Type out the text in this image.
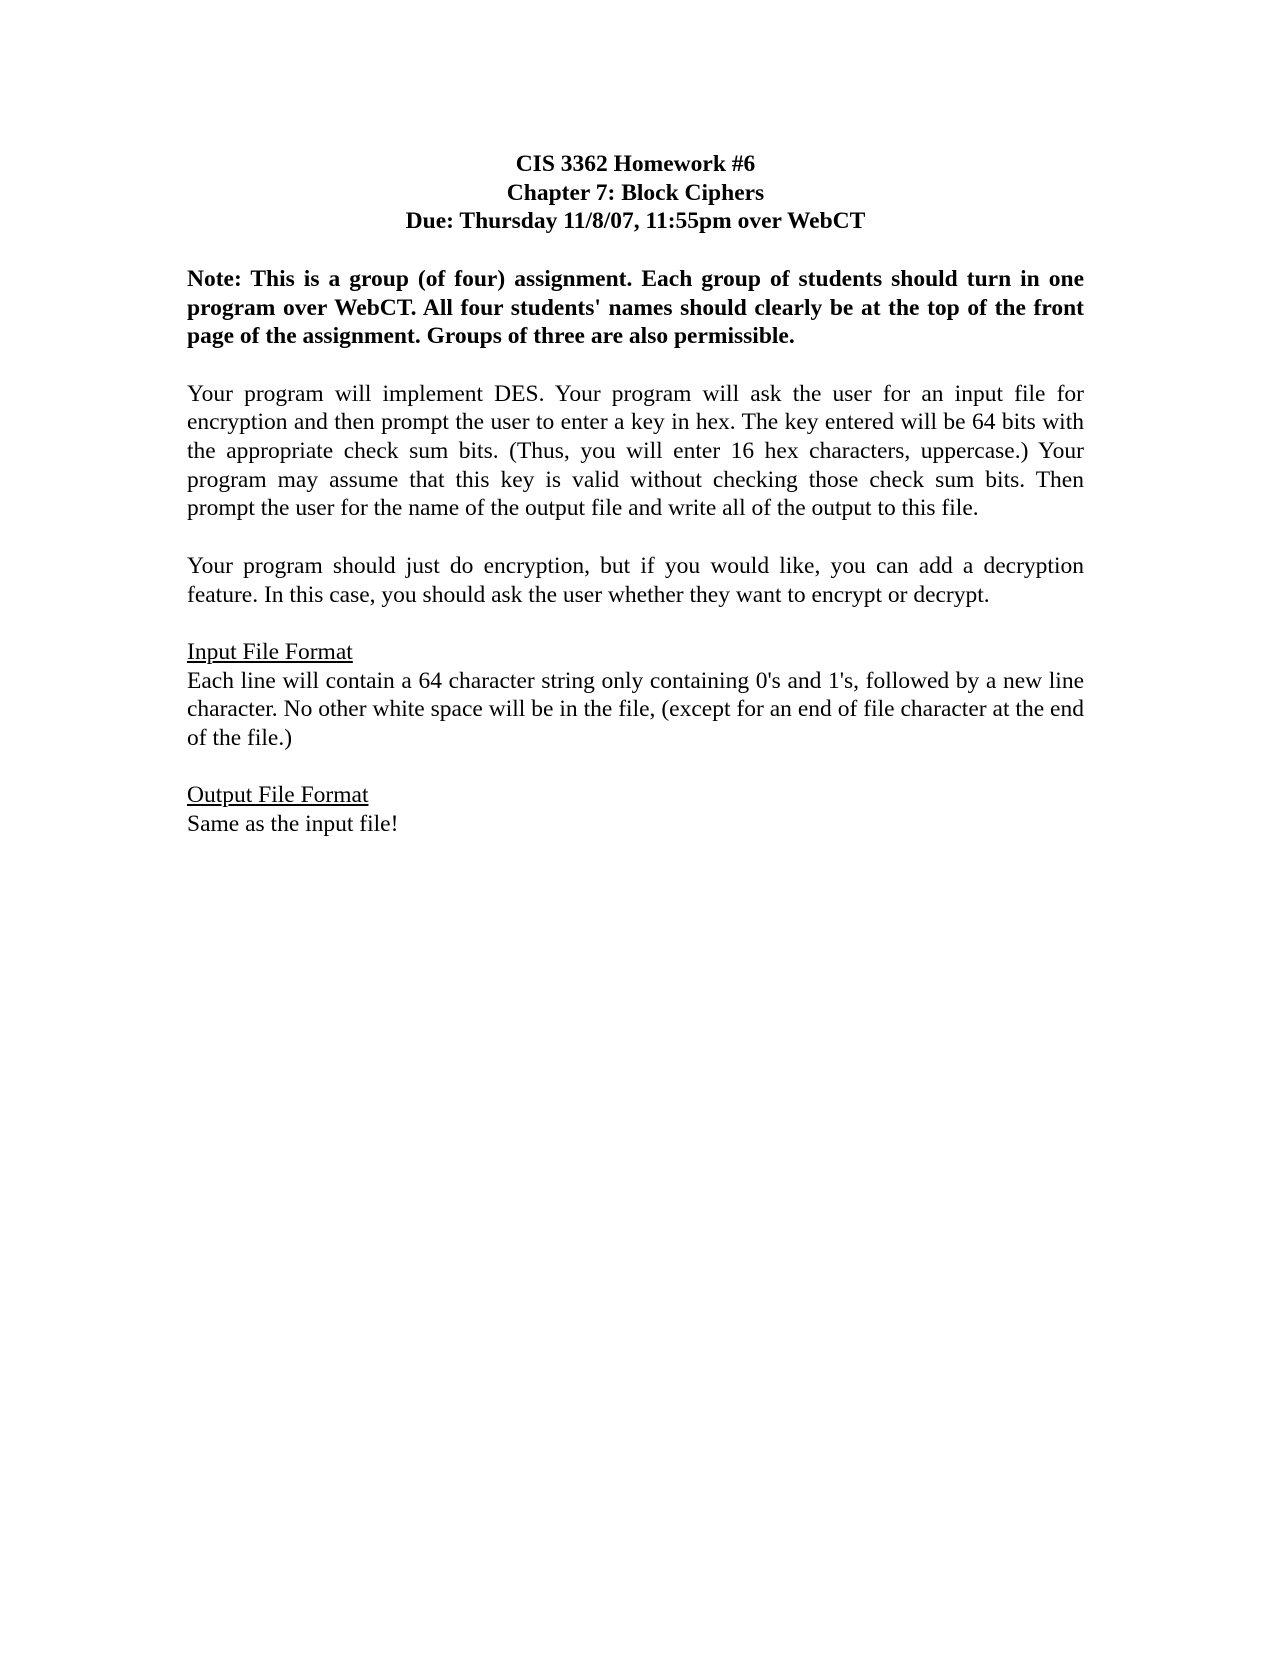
CIS 3362 Homework #6
Chapter 7: Block Ciphers
Due: Thursday 11/8/07, 11:55pm over WebCT

Note: This is a group (of four) assignment. Each group of students should turn in one program over WebCT. All four students' names should clearly be at the top of the front page of the assignment. Groups of three are also permissible.

Your program will implement DES. Your program will ask the user for an input file for encryption and then prompt the user to enter a key in hex. The key entered will be 64 bits with the appropriate check sum bits. (Thus, you will enter 16 hex characters, uppercase.) Your program may assume that this key is valid without checking those check sum bits. Then prompt the user for the name of the output file and write all of the output to this file.

Your program should just do encryption, but if you would like, you can add a decryption feature. In this case, you should ask the user whether they want to encrypt or decrypt.

Input File Format

Each line will contain a 64 character string only containing 0's and 1's, followed by a new line character. No other white space will be in the file, (except for an end of file character at the end of the file.)

Output File Format

Same as the input file!
